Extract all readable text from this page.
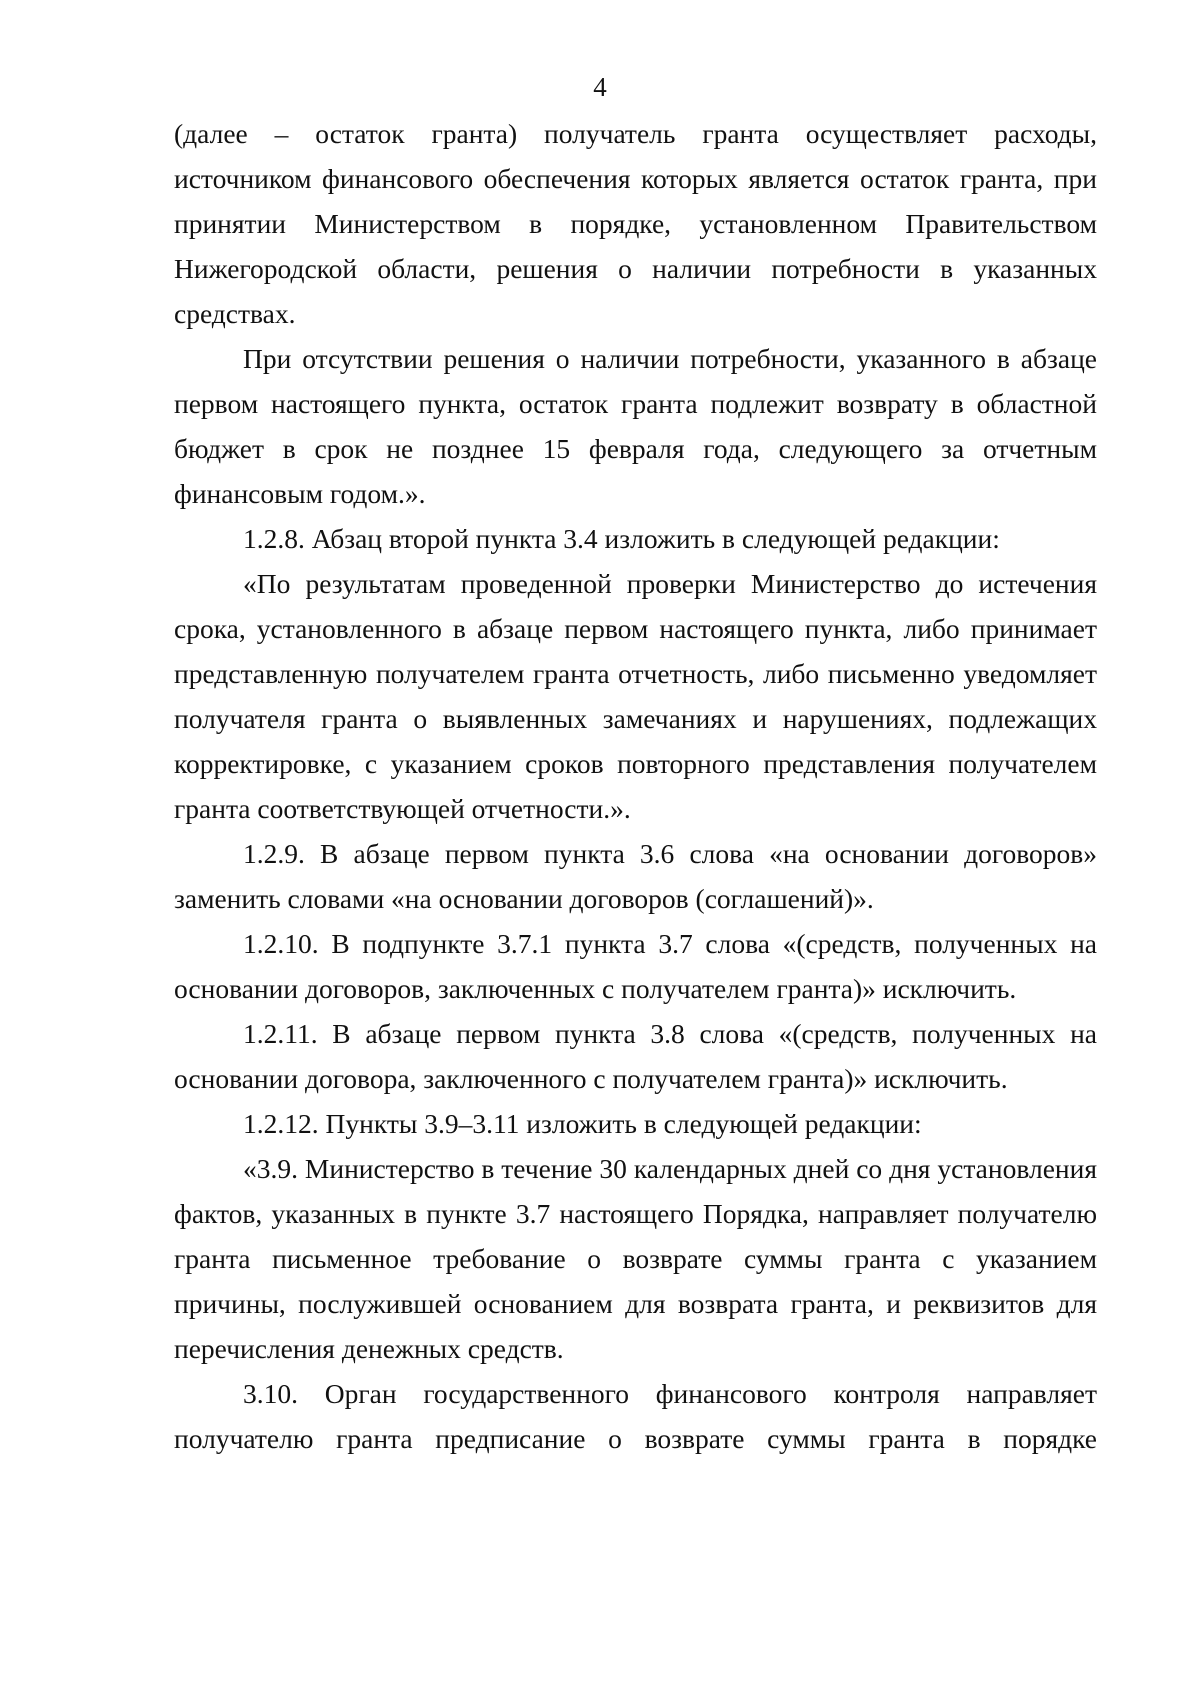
4

(далее – остаток гранта) получатель гранта осуществляет расходы, источником финансового обеспечения которых является остаток гранта, при принятии Министерством в порядке, установленном Правительством Нижегородской области, решения о наличии потребности в указанных средствах.

При отсутствии решения о наличии потребности, указанного в абзаце первом настоящего пункта, остаток гранта подлежит возврату в областной бюджет в срок не позднее 15 февраля года, следующего за отчетным финансовым годом.».

1.2.8. Абзац второй пункта 3.4 изложить в следующей редакции:

«По результатам проведенной проверки Министерство до истечения срока, установленного в абзаце первом настоящего пункта, либо принимает представленную получателем гранта отчетность, либо письменно уведомляет получателя гранта о выявленных замечаниях и нарушениях, подлежащих корректировке, с указанием сроков повторного представления получателем гранта соответствующей отчетности.».

1.2.9. В абзаце первом пункта 3.6 слова «на основании договоров» заменить словами «на основании договоров (соглашений)».

1.2.10. В подпункте 3.7.1 пункта 3.7 слова «(средств, полученных на основании договоров, заключенных с получателем гранта)» исключить.

1.2.11. В абзаце первом пункта 3.8 слова «(средств, полученных на основании договора, заключенного с получателем гранта)» исключить.

1.2.12. Пункты 3.9–3.11 изложить в следующей редакции:

«3.9. Министерство в течение 30 календарных дней со дня установления фактов, указанных в пункте 3.7 настоящего Порядка, направляет получателю гранта письменное требование о возврате суммы гранта с указанием причины, послужившей основанием для возврата гранта, и реквизитов для перечисления денежных средств.

3.10. Орган государственного финансового контроля направляет получателю гранта предписание о возврате суммы гранта в порядке
